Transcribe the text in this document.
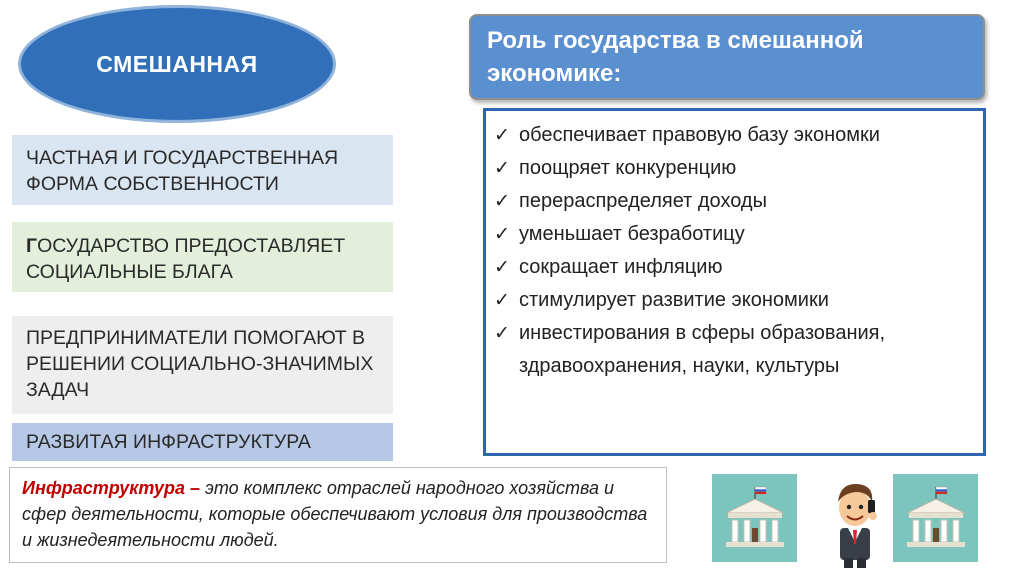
СМЕШАННАЯ
ЧАСТНАЯ И ГОСУДАРСТВЕННАЯ ФОРМА СОБСТВЕННОСТИ
ГОСУДАРСТВО ПРЕДОСТАВЛЯЕТ СОЦИАЛЬНЫЕ БЛАГА
ПРЕДПРИНИМАТЕЛИ ПОМОГАЮТ В РЕШЕНИИ СОЦИАЛЬНО-ЗНАЧИМЫХ ЗАДАЧ
РАЗВИТАЯ ИНФРАСТРУКТУРА
Инфраструктура – это комплекс отраслей народного хозяйства и сфер деятельности, которые обеспечивают условия для производства и жизнедеятельности людей.
Роль государства в смешанной экономике:
✓ обеспечивает правовую базу экономки
✓ поощряет конкуренцию
✓ перераспределяет доходы
✓ уменьшает безработицу
✓ сокращает инфляцию
✓ стимулирует развитие экономики
✓ инвестирования в сферы образования, здравоохранения, науки, культуры
